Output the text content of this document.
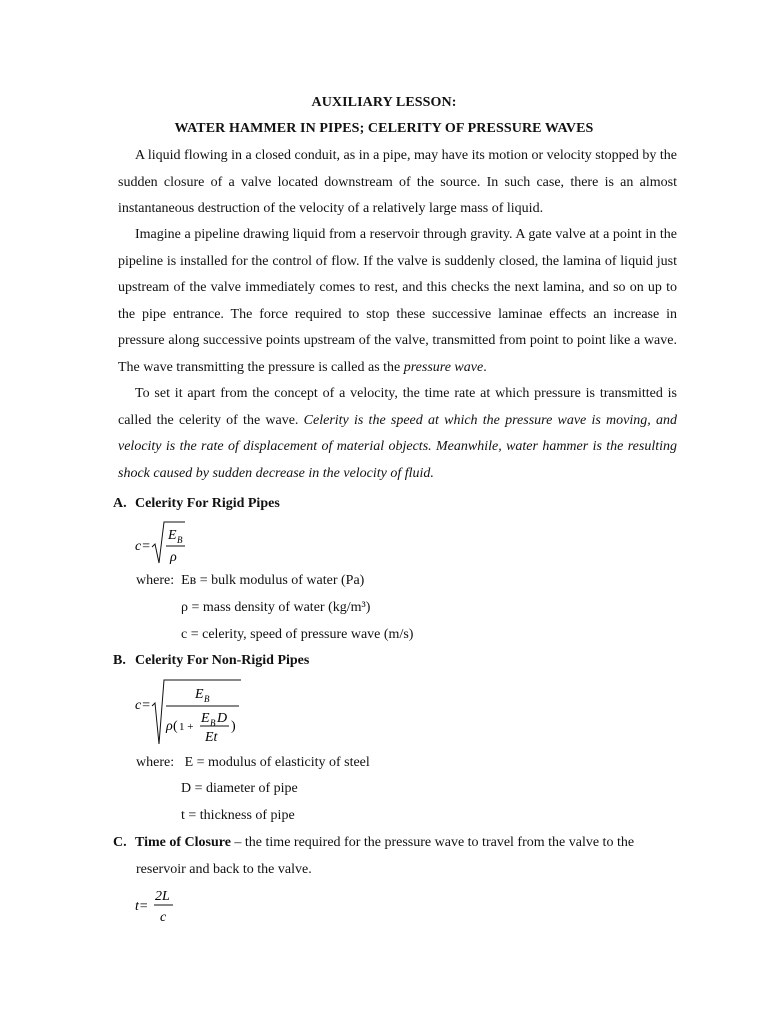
AUXILIARY LESSON:
WATER HAMMER IN PIPES; CELERITY OF PRESSURE WAVES

A liquid flowing in a closed conduit, as in a pipe, may have its motion or velocity stopped by the sudden closure of a valve located downstream of the source. In such case, there is an almost instantaneous destruction of the velocity of a relatively large mass of liquid.

Imagine a pipeline drawing liquid from a reservoir through gravity. A gate valve at a point in the pipeline is installed for the control of flow. If the valve is suddenly closed, the lamina of liquid just upstream of the valve immediately comes to rest, and this checks the next lamina, and so on up to the pipe entrance. The force required to stop these successive laminae effects an increase in pressure along successive points upstream of the valve, transmitted from point to point like a wave. The wave transmitting the pressure is called as the pressure wave.

To set it apart from the concept of a velocity, the time rate at which pressure is transmitted is called the celerity of the wave. Celerity is the speed at which the pressure wave is moving, and velocity is the rate of displacement of material objects. Meanwhile, water hammer is the resulting shock caused by sudden decrease in the velocity of fluid.

A. Celerity For Rigid Pipes
c=
E B
ρ
where: Eʙ = bulk modulus of water (Pa)
ρ = mass density of water (kg/m³)
c = celerity, speed of pressure wave (m/s)
B. Celerity For Non-Rigid Pipes
c=
E B
ρ ( 1 +
E B D
Et
)
where: E = modulus of elasticity of steel
D = diameter of pipe
t = thickness of pipe
C. Time of Closure – the time required for the pressure wave to travel from the valve to the
reservoir and back to the valve.
t=
2L
c
